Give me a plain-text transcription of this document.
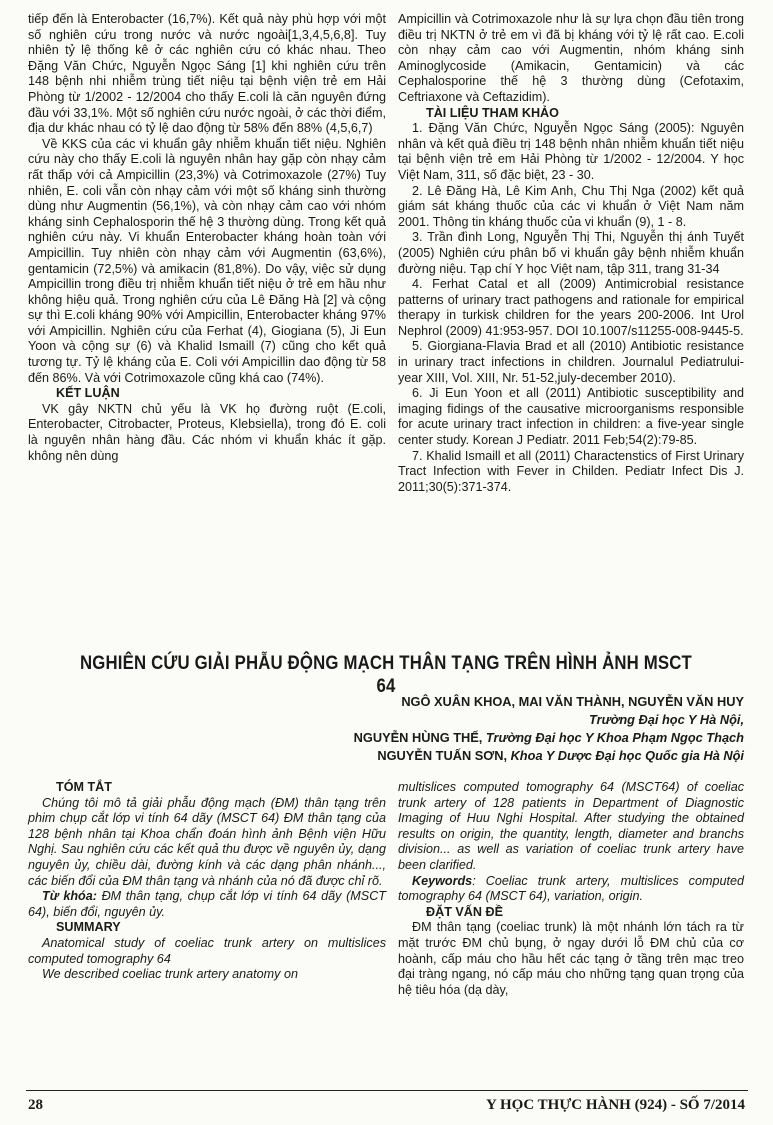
tiếp đến là Enterobacter (16,7%). Kết quả này phù hợp với một số nghiên cứu trong nước và nước ngoài[1,3,4,5,6,8]. Tuy nhiên tỷ lệ thống kê ở các nghiên cứu có khác nhau. Theo Đặng Văn Chức, Nguyễn Ngọc Sáng [1] khi nghiên cứu trên 148 bệnh nhi nhiễm trùng tiết niệu tại bệnh viện trẻ em Hải Phòng từ 1/2002 - 12/2004 cho thấy E.coli là căn nguyên đứng đầu với 33,1%. Một số nghiên cứu nước ngoài, ở các thời điểm, địa dư khác nhau có tỷ lệ dao động từ 58% đến 88% (4,5,6,7)

Về KKS của các vi khuẩn gây nhiễm khuẩn tiết niệu. Nghiên cứu này cho thấy E.coli là nguyên nhân hay gặp còn nhạy cảm rất thấp với cả Ampicillin (23,3%) và Cotrimoxazole (27%) Tuy nhiên, E. coli vẫn còn nhạy cảm với một số kháng sinh thường dùng như Augmentin (56,1%), và còn nhạy cảm cao với nhóm kháng sinh Cephalosporin thế hệ 3 thường dùng. Trong kết quả nghiên cứu này. Vi khuẩn Enterobacter kháng hoàn toàn với Ampicillin. Tuy nhiên còn nhạy cảm với Augmentin (63,6%), gentamicin (72,5%) và amikacin (81,8%). Do vậy, việc sử dụng Ampicillin trong điều trị nhiễm khuẩn tiết niệu ở trẻ em hầu như không hiệu quả. Trong nghiên cứu của Lê Đăng Hà [2] và cộng sự thì E.coli kháng 90% với Ampicillin, Enterobacter kháng 97% với Ampicillin. Nghiên cứu của Ferhat (4), Giogiana (5), Ji Eun Yoon và cộng sự (6) và Khalid Ismaill (7) cũng cho kết quả tương tự. Tỷ lệ kháng của E. Coli với Ampicillin dao động từ 58 đến 86%. Và với Cotrimoxazole cũng khá cao (74%).

KẾT LUẬN

VK gây NKTN chủ yếu là VK họ đường ruột (E.coli, Enterobacter, Citrobacter, Proteus, Klebsiella), trong đó E. coli là nguyên nhân hàng đầu. Các nhóm vi khuẩn khác ít gặp. không nên dùng

Ampicillin và Cotrimoxazole như là sự lựa chọn đầu tiên trong điều trị NKTN ở trẻ em vì đã bị kháng với tỷ lệ rất cao. E.coli còn nhạy cảm cao với Augmentin, nhóm kháng sinh Aminoglycoside (Amikacin, Gentamicin) và các Cephalosporine thế hệ 3 thường dùng (Cefotaxim, Ceftriaxone và Ceftazidim).

TÀI LIỆU THAM KHẢO

1. Đặng Văn Chức, Nguyễn Ngọc Sáng (2005): Nguyên nhân và kết quả điều trị 148 bệnh nhân nhiễm khuẩn tiết niệu tại bệnh viện trẻ em Hải Phòng từ 1/2002 - 12/2004. Y học Việt Nam, 311, số đặc biệt, 23 - 30.

2. Lê Đăng Hà, Lê Kim Anh, Chu Thị Nga (2002) kết quả giám sát kháng thuốc của các vi khuẩn ở Việt Nam năm 2001. Thông tin kháng thuốc của vi khuẩn (9), 1 - 8.

3. Trần đình Long, Nguyễn Thị Thi, Nguyễn thị ánh Tuyết (2005) Nghiên cứu phân bố vi khuẩn gây bệnh nhiễm khuẩn đường niệu. Tạp chí Y học Việt nam, tập 311, trang 31-34

4. Ferhat Catal et all (2009) Antimicrobial resistance patterns of urinary tract pathogens and rationale for empirical therapy in turkisk children for the years 200-2006. Int Urol Nephrol (2009) 41:953-957. DOI 10.1007/s11255-008-9445-5.

5. Giorgiana-Flavia Brad et all (2010) Antibiotic resistance in urinary tract infections in children. Journalul Pediatrului-year XIII, Vol. XIII, Nr. 51-52,july-december 2010).

6. Ji Eun Yoon et all (2011) Antibiotic susceptibility and imaging fidings of the causative microorganisms responsible for acute urinary tract infection in children: a five-year single center study. Korean J Pediatr. 2011 Feb;54(2):79-85.

7. Khalid Ismaill et all (2011) Charactenstics of First Urinary Tract Infection with Fever in Childen. Pediatr Infect Dis J. 2011;30(5):371-374.

NGHIÊN CỨU GIẢI PHẪU ĐỘNG MẠCH THÂN TẠNG TRÊN HÌNH ẢNH MSCT 64
NGÔ XUÂN KHOA, MAI VĂN THÀNH, NGUYỄN VĂN HUY
Trường Đại học Y Hà Nội,
NGUYỄN HÙNG THẾ, Trường Đại học Y Khoa Phạm Ngọc Thạch
NGUYỄN TUẤN SƠN, Khoa Y Dược Đại học Quốc gia Hà Nội

TÓM TẮT

Chúng tôi mô tả giải phẫu động mạch (ĐM) thân tạng trên phim chụp cắt lớp vi tính 64 dãy (MSCT 64) ĐM thân tạng của 128 bệnh nhân tại Khoa chẩn đoán hình ảnh Bệnh viện Hữu Nghị. Sau nghiên cứu các kết quả thu được về nguyên ủy, dạng nguyên ủy, chiều dài, đường kính và các dạng phân nhánh..., các biến đổi của ĐM thân tạng và nhánh của nó đã được chỉ rõ.

Từ khóa: ĐM thân tạng, chụp cắt lớp vi tính 64 dãy (MSCT 64), biến đổi, nguyên ủy.

SUMMARY

Anatomical study of coeliac trunk artery on multislices computed tomography 64

We described coeliac trunk artery anatomy on

multislices computed tomography 64 (MSCT64) of coeliac trunk artery of 128 patients in Department of Diagnostic Imaging of Huu Nghi Hospital. After studying the obtained results on origin, the quantity, length, diameter and branchs division... as well as variation of coeliac trunk artery have been clarified.

Keywords: Coeliac trunk artery, multislices computed tomography 64 (MSCT 64), variation, origin.

ĐẶT VẤN ĐỀ

ĐM thân tạng (coeliac trunk) là một nhánh lớn tách ra từ mặt trước ĐM chủ bụng, ở ngay dưới lỗ ĐM chủ của cơ hoành, cấp máu cho hầu hết các tạng ở tầng trên mạc treo đại tràng ngang, nó cấp máu cho những tạng quan trọng của hệ tiêu hóa (dạ dày,

28	Y HỌC THỰC HÀNH (924) - SỐ 7/2014
